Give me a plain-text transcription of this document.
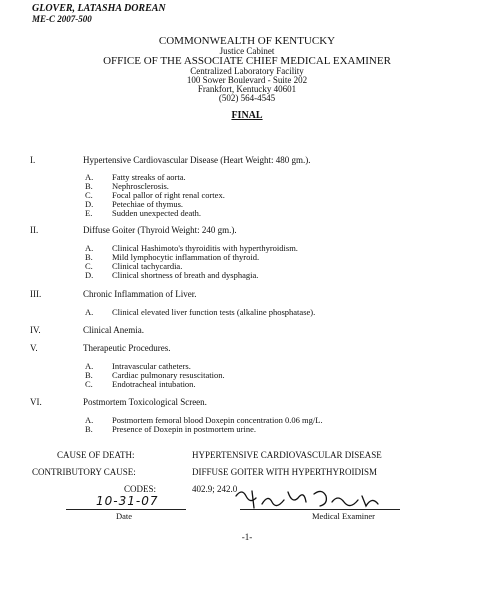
GLOVER, LATASHA DOREAN
ME-C 2007-500
COMMONWEALTH OF KENTUCKY
Justice Cabinet
OFFICE OF THE ASSOCIATE CHIEF MEDICAL EXAMINER
Centralized Laboratory Facility
100 Sower Boulevard - Suite 202
Frankfort, Kentucky 40601
(502) 564-4545
FINAL
I.	Hypertensive Cardiovascular Disease (Heart Weight: 480 gm.).
A. Fatty streaks of aorta.
B. Nephrosclerosis.
C. Focal pallor of right renal cortex.
D. Petechiae of thymus.
E. Sudden unexpected death.
II.	Diffuse Goiter (Thyroid Weight: 240 gm.).
A. Clinical Hashimoto's thyroiditis with hyperthyroidism.
B. Mild lymphocytic inflammation of thyroid.
C. Clinical tachycardia.
D. Clinical shortness of breath and dysphagia.
III.	Chronic Inflammation of Liver.
A. Clinical elevated liver function tests (alkaline phosphatase).
IV.	Clinical Anemia.
V.	Therapeutic Procedures.
A. Intravascular catheters.
B. Cardiac pulmonary resuscitation.
C. Endotracheal intubation.
VI.	Postmortem Toxicological Screen.
A. Postmortem femoral blood Doxepin concentration 0.06 mg/L.
B. Presence of Doxepin in postmortem urine.
CAUSE OF DEATH:	HYPERTENSIVE CARDIOVASCULAR DISEASE
CONTRIBUTORY CAUSE:	DIFFUSE GOITER WITH HYPERTHYROIDISM
CODES:	402.9; 242.0
10-31-07
Date	Medical Examiner
-1-
